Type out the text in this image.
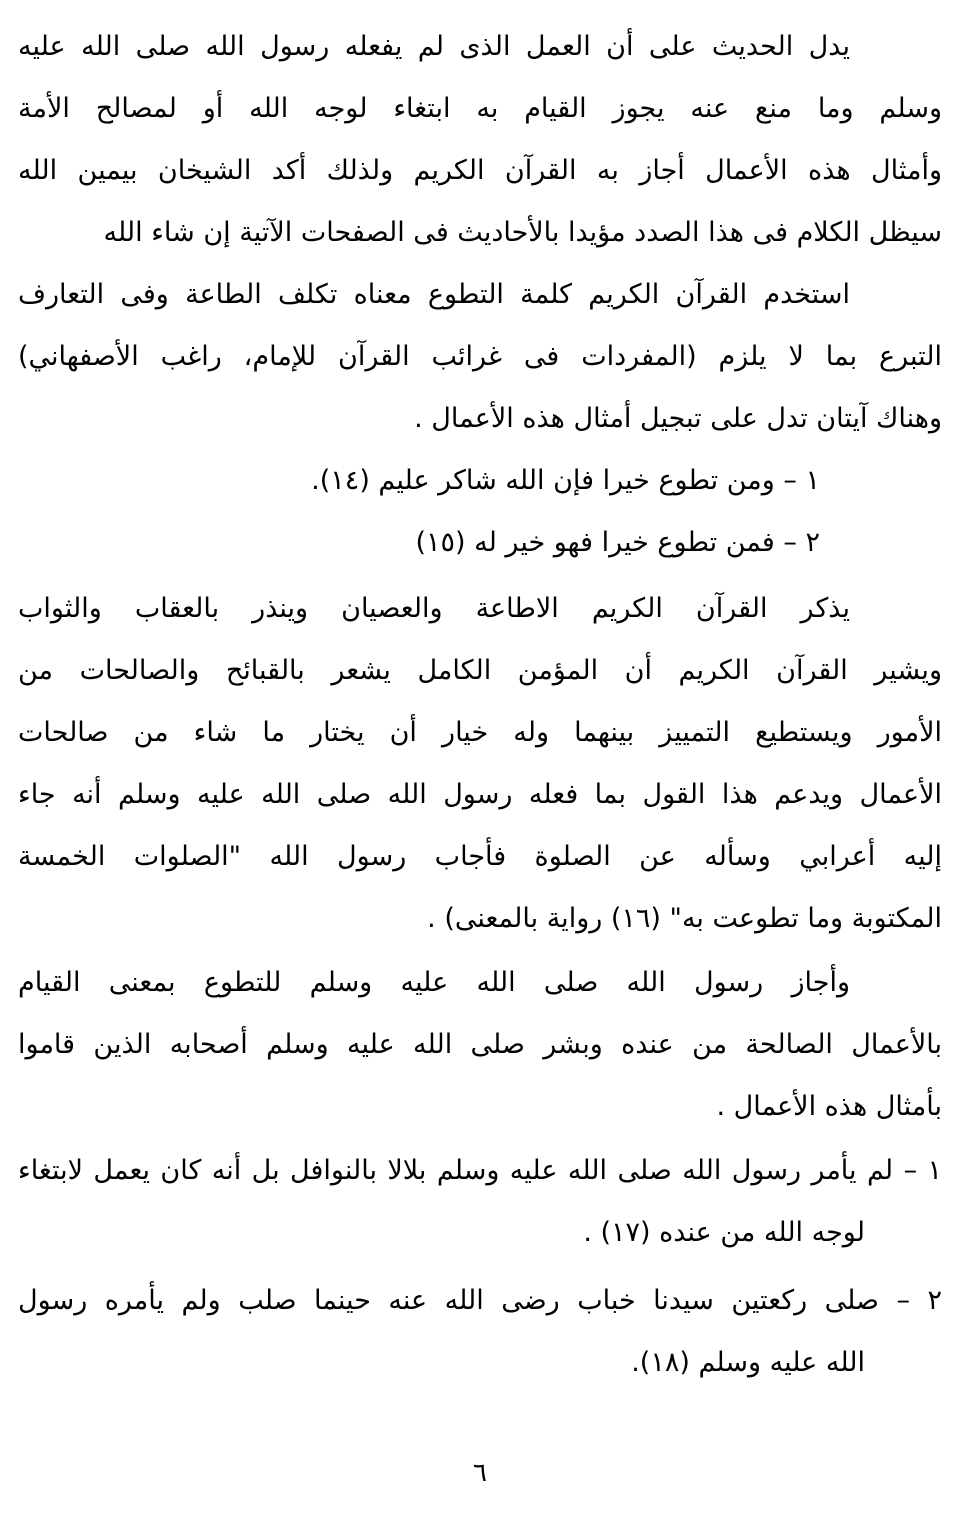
يدل الحديث على أن العمل الذى لم يفعله رسول الله صلى الله عليه
وسلم وما منع عنه يجوز القيام به ابتغاء لوجه الله أو لمصالح الأمة
وأمثال هذه الأعمال أجاز به القرآن الكريم ولذلك أكد الشيخان بيمين الله
سيظل الكلام فى هذا الصدد مؤيدا بالأحاديث فى الصفحات الآتية إن شاء الله
استخدم القرآن الكريم كلمة التطوع معناه تكلف الطاعة وفى التعارف
التبرع بما لا يلزم (المفردات فى غرائب القرآن للإمام، راغب الأصفهاني)
وهناك آيتان تدل على تبجيل أمثال هذه الأعمال .
١ – ومن تطوع خيرا فإن الله شاكر عليم (١٤).
٢ – فمن تطوع خيرا فهو خير له (١٥)
يذكر القرآن الكريم الاطاعة والعصيان وينذر بالعقاب والثواب
ويشير القرآن الكريم أن المؤمن الكامل يشعر بالقبائح والصالحات من
الأمور ويستطيع التمييز بينهما وله خيار أن يختار ما شاء من صالحات
الأعمال ويدعم هذا القول بما فعله رسول الله صلى الله عليه وسلم أنه جاء
إليه أعرابي وسأله عن الصلوة فأجاب رسول الله "الصلوات الخمسة
المكتوبة وما تطوعت به" (١٦) رواية بالمعنى) .
وأجاز رسول الله صلى الله عليه وسلم للتطوع بمعنى القيام
بالأعمال الصالحة من عنده وبشر صلى الله عليه وسلم أصحابه الذين قاموا
بأمثال هذه الأعمال .
١ – لم يأمر رسول الله صلى الله عليه وسلم بلالا بالنوافل بل أنه كان يعمل لابتغاء
لوجه الله من عنده (١٧) .
٢ – صلى ركعتين سيدنا خباب رضى الله عنه حينما صلب ولم يأمره رسول
الله عليه وسلم (١٨).
٦
